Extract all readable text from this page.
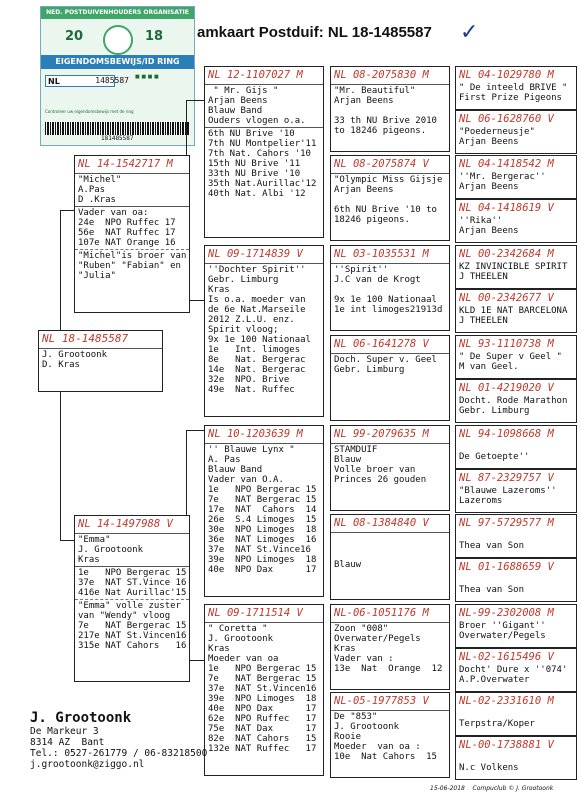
NED. POSTDUIVENHOUDERS ORGANISATIE
20	18
EIGENDOMSBEWIJS/ID RING
NL	1485587 ■ ■ ■ ■
Controleer uw eigendomsbewijs met de ring
181485587
amkaart Postduif: NL 18-1485587 ✓
NL 18-1485587
J. Grootoonk
D. Kras
NL 14-1542717 M
"Michel"
A.Pas
D .Kras
Vader van oa:
24e  NPO Ruffec 17
56e  NAT Ruffec 17
107e NAT Orange 16
"Michel"is broer van
"Ruben" "Fabian" en
"Julia"
NL 14-1497988 V
"Emma"
J. Grootoonk
Kras
1e   NPO Bergerac 15
37e  NAT ST.Vince 16
416e Nat Aurillac'15
"Emma" volle zuster
van "Wendy" vloog
7e   NAT Bergerac 15
217e NAT St.Vincen16
315e NAT Cahors   16
NL 12-1107027 M
" Mr. Gijs "
Arjan Beens
Blauw Band
Ouders vlogen o.a.
6th NU Brive '10
7th NU Montpelier'11
7th Nat. Cahors '10
15th NU Brive '11
33th NU Brive '10
35th Nat.Aurillac'12
40th Nat. Albi '12
NL 09-1714839 V
''Dochter Spirit''
Gebr. Limburg
Kras
Is o.a. moeder van
de 6e Nat.Marseile
2012 Z.L.U. enz.
Spirit vloog;
9x 1e 100 Nationaal
1e   Int. limoges
8e   Nat. Bergerac
14e  Nat. Bergerac
32e  NPO. Brive
49e  Nat. Ruffec
NL 10-1203639 M
'' Blauwe Lynx "
A. Pas
Blauw Band
Vader van O.A.
1e   NPO Bergerac 15
7e   NAT Bergerac 15
17e  NAT  Cahors  14
26e  S.4 Limoges  15
30e  NPO Limoges  18
36e  NAT Limoges  16
37e  NAT St.Vince16
39e  NPO Limoges  18
40e  NPO Dax      17
NL 09-1711514 V
" Coretta "
J. Grootoonk
Kras
Moeder van oa
1e   NPO Bergerac 15
7e   NAT Bergerac 15
37e  NAT St.Vincen16
39e  NPO Limoges  18
40e  NPO Dax      17
62e  NPO Ruffec   17
75e  NAT Dax      17
82e  NAT Cahors   15
132e NAT Ruffec   17
NL 08-2075830 M
"Mr. Beautiful"
Arjan Beens
33 th NU Brive 2010
to 18246 pigeons.
NL 08-2075874 V
"Olympic Miss Gijsje
Arjan Beens
6th NU Brive '10 to
18246 pigeons.
NL 03-1035531 M
''Spirit''
J.C van de Krogt
9x 1e 100 Nationaal
1e int limoges21913d
NL 06-1641278 V
Doch. Super v. Geel
Gebr. Limburg
NL 99-2079635 M
STAMDUIF
Blauw
Volle broer van
Princes 26 gouden
NL 08-1384840 V
Blauw
NL-06-1051176 M
Zoon "008"
Overwater/Pegels
Kras
Vader van :
13e  Nat  Orange  12
NL-05-1977853 V
De "853"
J. Grootoonk
Rooie
Moeder  van oa :
10e  Nat Cahors  15
NL 04-1029780 M
" De inteeld BRIVE "
First Prize Pigeons
NL 06-1628760 V
"Poederneusje"
Arjan Beens
NL 04-1418542 M
''Mr. Bergerac''
Arjan Beens
NL 04-1418619 V
''Rika''
Arjan Beens
NL 00-2342684 M
KZ INVINCIBLE SPIRIT
J THEELEN
NL 00-2342677 V
KLD 1E NAT BARCELONA
J THEELEN
NL 93-1110738 M
" De Super v Geel "
M van Geel.
NL 01-4219020 V
Docht. Rode Marathon
Gebr. Limburg
NL 94-1098668 M

De Getoepte''
NL 87-2329757 V
"Blauwe Lazeroms''
Lazeroms
NL 97-5729577 M

Thea van Son
NL 01-1688659 V

Thea van Son
NL-99-2302008 M
Broer ''Gigant''
Overwater/Pegels
NL-02-1615496 V
Docht' Dure x ''074'
A.P.Overwater
NL-02-2331610 M

Terpstra/Koper
NL-00-1738881 V

N.c Volkens
J. Grootoonk
De Markeur 3
8314 AZ  Bant
Tel.: 0527-261779 / 06-83218500
j.grootoonk@ziggo.nl
15-06-2018 Compuclub © J. Grootoonk
